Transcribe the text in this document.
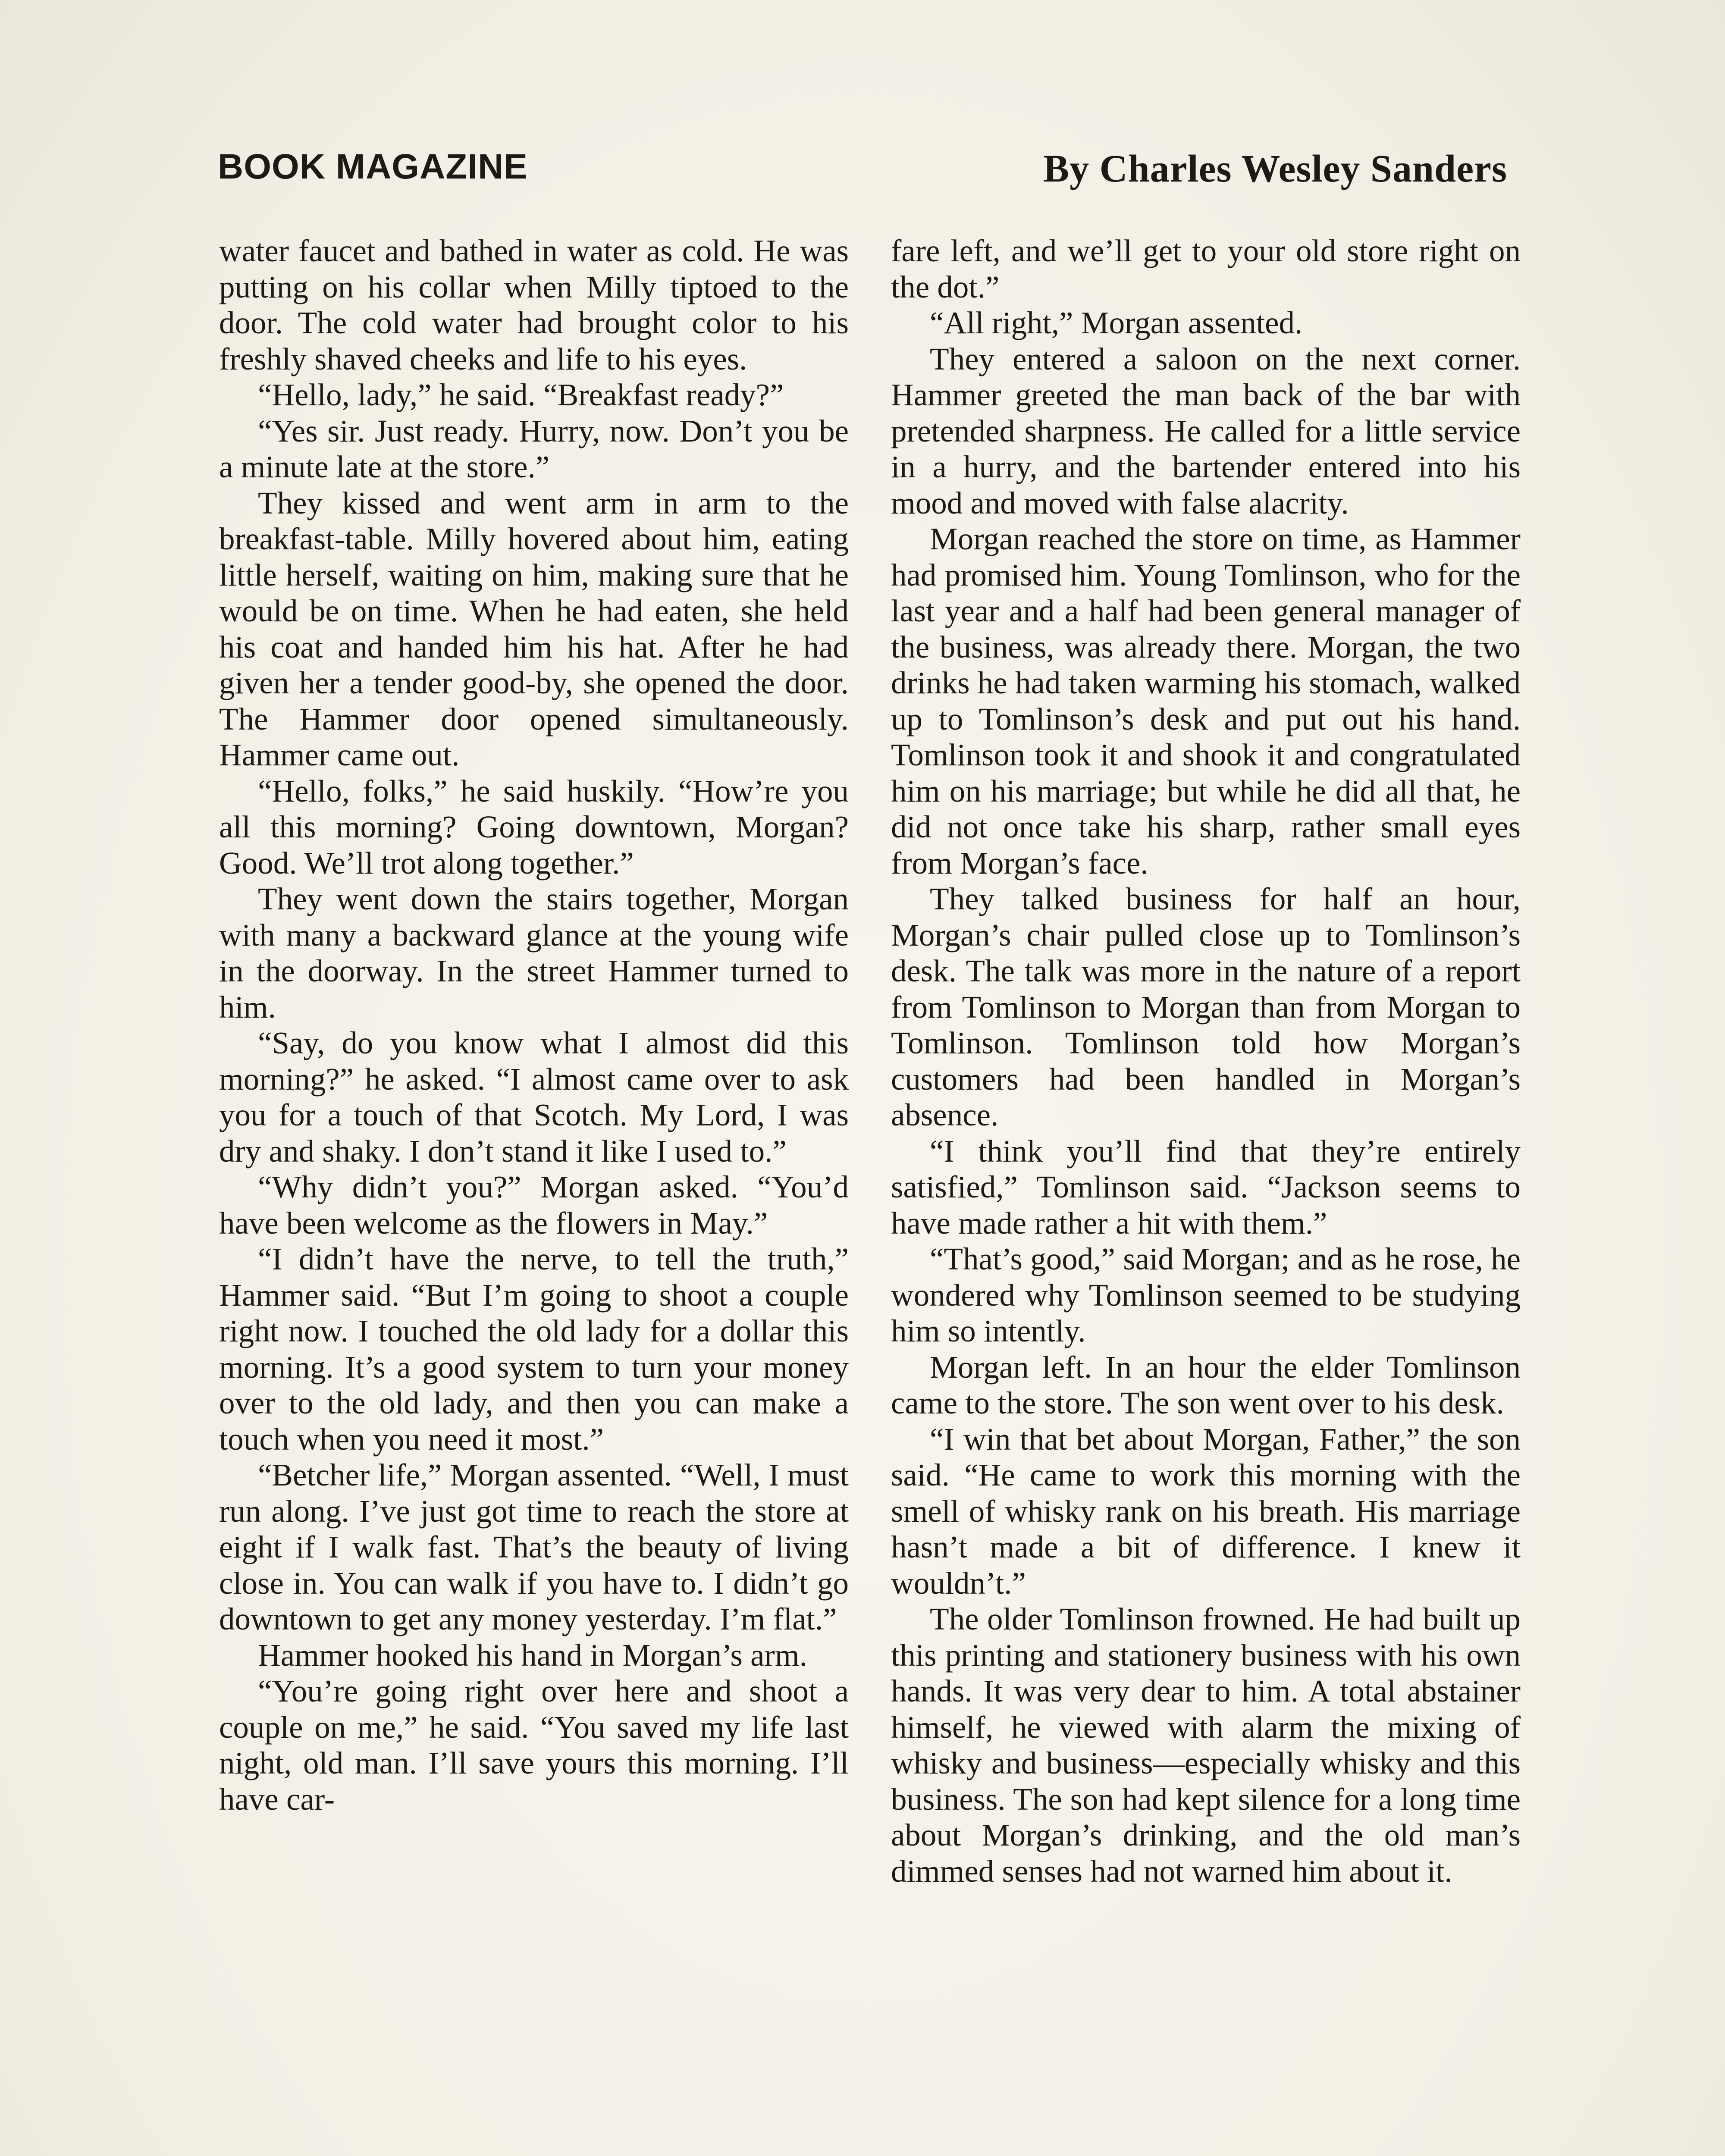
BOOK MAGAZINE	By Charles Wesley Sanders

water faucet and bathed in water as cold. He was putting on his collar when Milly tiptoed to the door. The cold water had brought color to his freshly shaved cheeks and life to his eyes.

“Hello, lady,” he said. “Breakfast ready?”

“Yes sir. Just ready. Hurry, now. Don’t you be a minute late at the store.”

They kissed and went arm in arm to the breakfast-table. Milly hovered about him, eating little herself, waiting on him, making sure that he would be on time. When he had eaten, she held his coat and handed him his hat. After he had given her a tender good-by, she opened the door. The Hammer door opened simultaneously. Hammer came out.

“Hello, folks,” he said huskily. “How’re you all this morning? Going downtown, Morgan? Good. We’ll trot along together.”

They went down the stairs together, Morgan with many a backward glance at the young wife in the doorway. In the street Hammer turned to him.

“Say, do you know what I almost did this morning?” he asked. “I almost came over to ask you for a touch of that Scotch. My Lord, I was dry and shaky. I don’t stand it like I used to.”

“Why didn’t you?” Morgan asked. “You’d have been welcome as the flowers in May.”

“I didn’t have the nerve, to tell the truth,” Hammer said. “But I’m going to shoot a couple right now. I touched the old lady for a dollar this morning. It’s a good system to turn your money over to the old lady, and then you can make a touch when you need it most.”

“Betcher life,” Morgan assented. “Well, I must run along. I’ve just got time to reach the store at eight if I walk fast. That’s the beauty of living close in. You can walk if you have to. I didn’t go downtown to get any money yesterday. I’m flat.”

Hammer hooked his hand in Morgan’s arm.

“You’re going right over here and shoot a couple on me,” he said. “You saved my life last night, old man. I’ll save yours this morning. I’ll have car-

fare left, and we’ll get to your old store right on the dot.”

“All right,” Morgan assented.

They entered a saloon on the next corner. Hammer greeted the man back of the bar with pretended sharpness. He called for a little service in a hurry, and the bartender entered into his mood and moved with false alacrity.

Morgan reached the store on time, as Hammer had promised him. Young Tomlinson, who for the last year and a half had been general manager of the business, was already there. Morgan, the two drinks he had taken warming his stomach, walked up to Tomlinson’s desk and put out his hand. Tomlinson took it and shook it and congratulated him on his marriage; but while he did all that, he did not once take his sharp, rather small eyes from Morgan’s face.

They talked business for half an hour, Morgan’s chair pulled close up to Tomlinson’s desk. The talk was more in the nature of a report from Tomlinson to Morgan than from Morgan to Tomlinson. Tomlinson told how Morgan’s customers had been handled in Morgan’s absence.

“I think you’ll find that they’re entirely satisfied,” Tomlinson said. “Jackson seems to have made rather a hit with them.”

“That’s good,” said Morgan; and as he rose, he wondered why Tomlinson seemed to be studying him so intently.

Morgan left. In an hour the elder Tomlinson came to the store. The son went over to his desk.

“I win that bet about Morgan, Father,” the son said. “He came to work this morning with the smell of whisky rank on his breath. His marriage hasn’t made a bit of difference. I knew it wouldn’t.”

The older Tomlinson frowned. He had built up this printing and stationery business with his own hands. It was very dear to him. A total abstainer himself, he viewed with alarm the mixing of whisky and business—especially whisky and this business. The son had kept silence for a long time about Morgan’s drinking, and the old man’s dimmed senses had not warned him about it.
